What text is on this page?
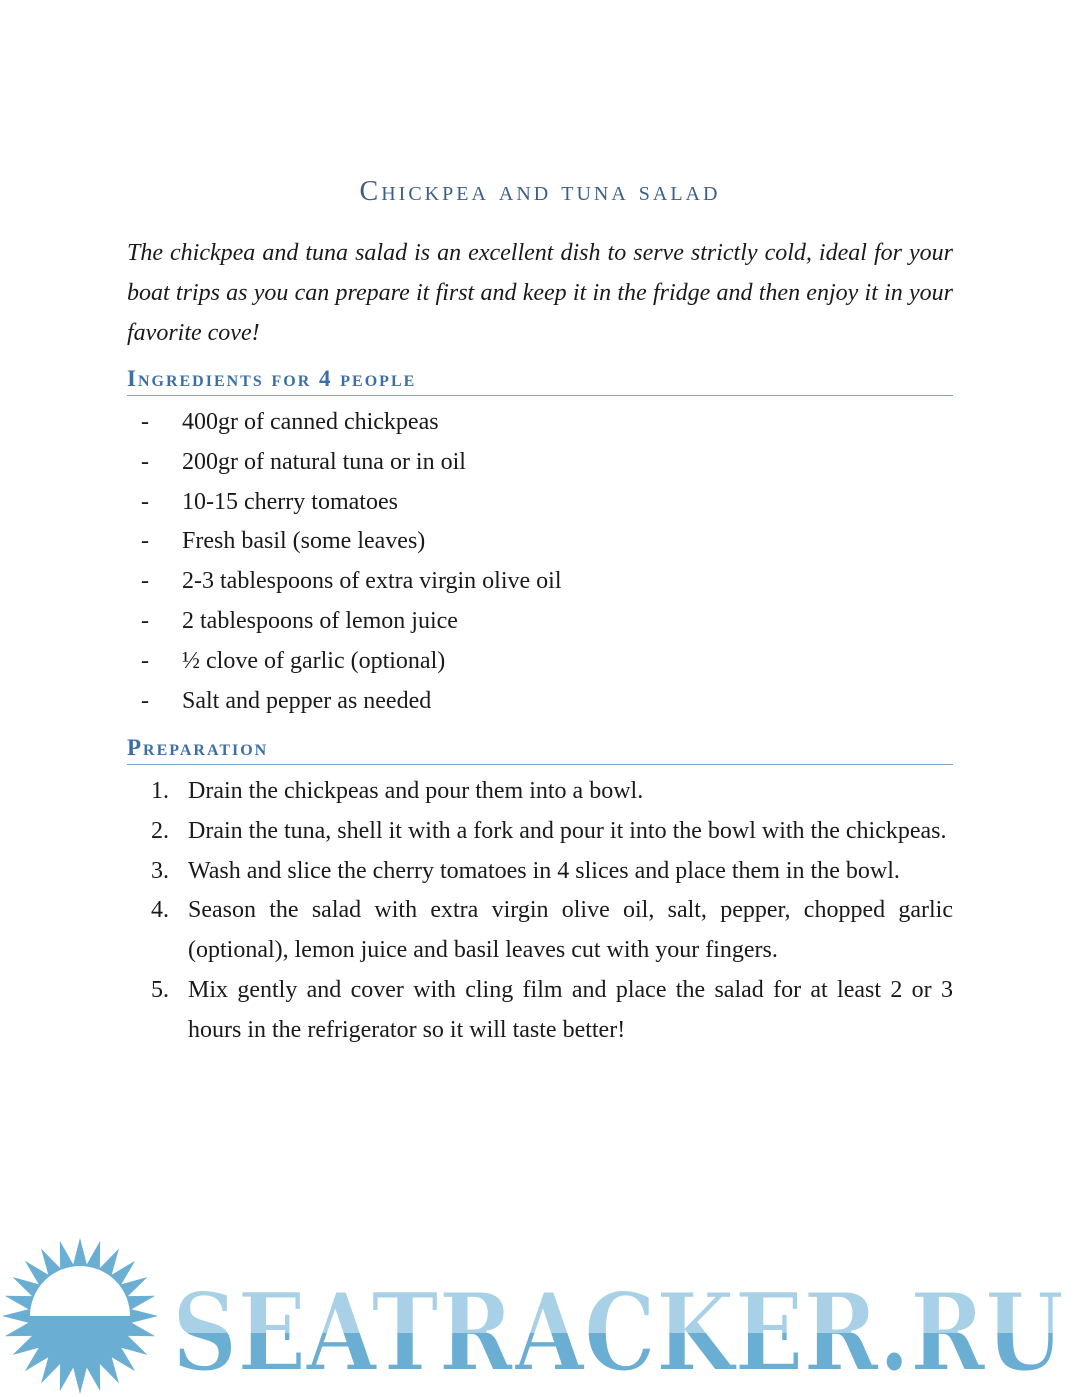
Chickpea and tuna salad
The chickpea and tuna salad is an excellent dish to serve strictly cold, ideal for your boat trips as you can prepare it first and keep it in the fridge and then enjoy it in your favorite cove!
Ingredients for 4 people
- 400gr of canned chickpeas
- 200gr of natural tuna or in oil
- 10-15 cherry tomatoes
- Fresh basil (some leaves)
- 2-3 tablespoons of extra virgin olive oil
- 2 tablespoons of lemon juice
- ½ clove of garlic (optional)
- Salt and pepper as needed
Preparation
1. Drain the chickpeas and pour them into a bowl.
2. Drain the tuna, shell it with a fork and pour it into the bowl with the chickpeas.
3. Wash and slice the cherry tomatoes in 4 slices and place them in the bowl.
4. Season the salad with extra virgin olive oil, salt, pepper, chopped garlic (optional), lemon juice and basil leaves cut with your fingers.
5. Mix gently and cover with cling film and place the salad for at least 2 or 3 hours in the refrigerator so it will taste better!
SEATRACKER.RU
